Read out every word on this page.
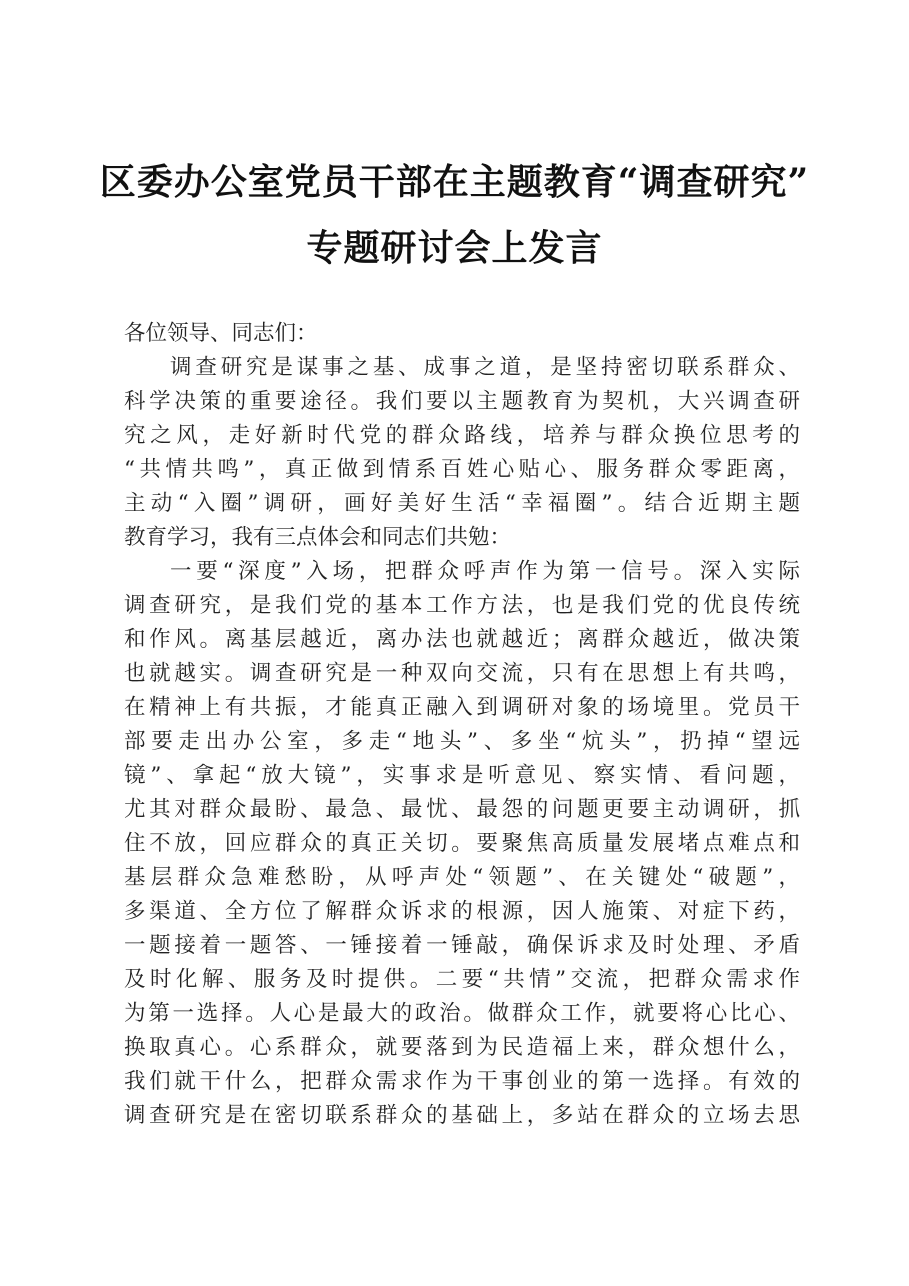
区委办公室党员干部在主题教育“调查研究”
专题研讨会上发言
各位领导、同志们：
调查研究是谋事之基、成事之道，是坚持密切联系群众、
科学决策的重要途径。我们要以主题教育为契机，大兴调查研
究之风，走好新时代党的群众路线，培养与群众换位思考的
“共情共鸣”，真正做到情系百姓心贴心、服务群众零距离，
主动“入圈”调研，画好美好生活“幸福圈”。结合近期主题
教育学习，我有三点体会和同志们共勉：
一要“深度”入场，把群众呼声作为第一信号。深入实际
调查研究，是我们党的基本工作方法，也是我们党的优良传统
和作风。离基层越近，离办法也就越近；离群众越近，做决策
也就越实。调查研究是一种双向交流，只有在思想上有共鸣，
在精神上有共振，才能真正融入到调研对象的场境里。党员干
部要走出办公室，多走“地头”、多坐“炕头”，扔掉“望远
镜”、拿起“放大镜”，实事求是听意见、察实情、看问题，
尤其对群众最盼、最急、最忧、最怨的问题更要主动调研，抓
住不放，回应群众的真正关切。要聚焦高质量发展堵点难点和
基层群众急难愁盼，从呼声处“领题”、在关键处“破题”，
多渠道、全方位了解群众诉求的根源，因人施策、对症下药，
一题接着一题答、一锤接着一锤敲，确保诉求及时处理、矛盾
及时化解、服务及时提供。二要“共情”交流，把群众需求作
为第一选择。人心是最大的政治。做群众工作，就要将心比心、
换取真心。心系群众，就要落到为民造福上来，群众想什么，
我们就干什么，把群众需求作为干事创业的第一选择。有效的
调查研究是在密切联系群众的基础上，多站在群众的立场去思
